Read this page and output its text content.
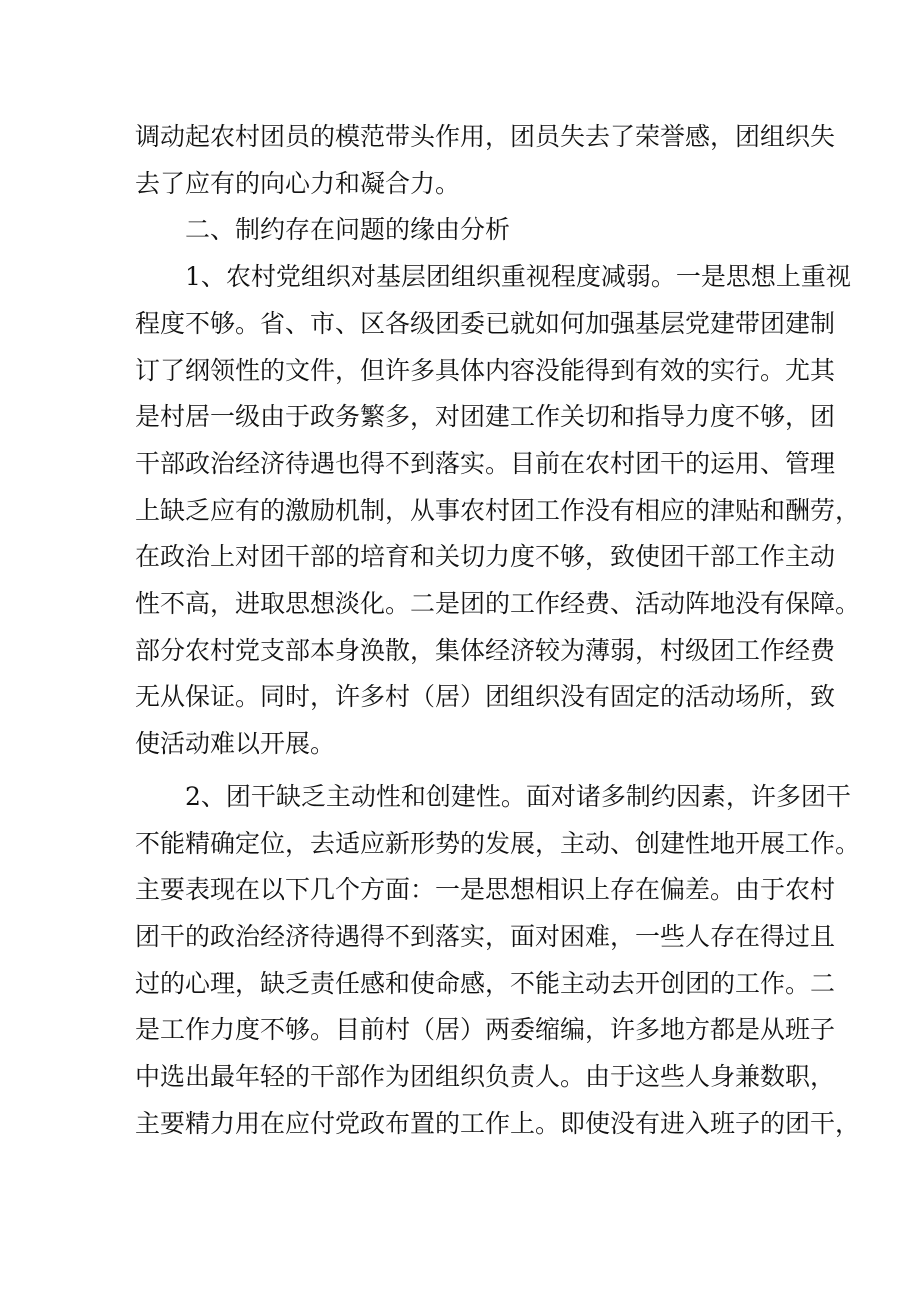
调动起农村团员的模范带头作用，团员失去了荣誉感，团组织失
去了应有的向心力和凝合力。
二、制约存在问题的缘由分析
1、农村党组织对基层团组织重视程度减弱。一是思想上重视
程度不够。省、市、区各级团委已就如何加强基层党建带团建制
订了纲领性的文件，但许多具体内容没能得到有效的实行。尤其
是村居一级由于政务繁多，对团建工作关切和指导力度不够，团
干部政治经济待遇也得不到落实。目前在农村团干的运用、管理
上缺乏应有的激励机制，从事农村团工作没有相应的津贴和酬劳，
在政治上对团干部的培育和关切力度不够，致使团干部工作主动
性不高，进取思想淡化。二是团的工作经费、活动阵地没有保障。
部分农村党支部本身涣散，集体经济较为薄弱，村级团工作经费
无从保证。同时，许多村（居）团组织没有固定的活动场所，致
使活动难以开展。
2、团干缺乏主动性和创建性。面对诸多制约因素，许多团干
不能精确定位，去适应新形势的发展，主动、创建性地开展工作。
主要表现在以下几个方面：一是思想相识上存在偏差。由于农村
团干的政治经济待遇得不到落实，面对困难，一些人存在得过且
过的心理，缺乏责任感和使命感，不能主动去开创团的工作。二
是工作力度不够。目前村（居）两委缩编，许多地方都是从班子
中选出最年轻的干部作为团组织负责人。由于这些人身兼数职，
主要精力用在应付党政布置的工作上。即使没有进入班子的团干，
